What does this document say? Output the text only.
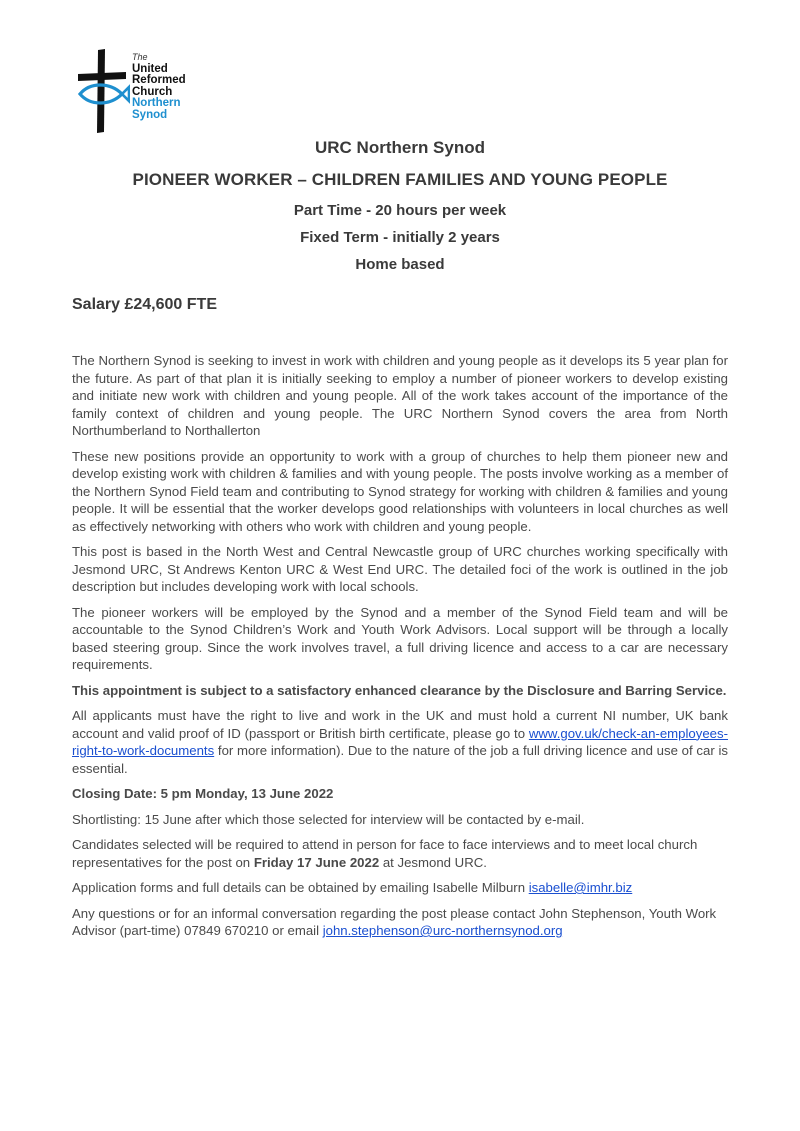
The
United
Reformed
Church
Northern
Synod
URC Northern Synod
PIONEER WORKER – CHILDREN FAMILIES AND YOUNG PEOPLE
Part Time - 20 hours per week
Fixed Term - initially 2 years
Home based
Salary £24,600 FTE

The Northern Synod is seeking to invest in work with children and young people as it develops its 5 year plan for the future. As part of that plan it is initially seeking to employ a number of pioneer workers to develop existing and initiate new work with children and young people. All of the work takes account of the importance of the family context of children and young people. The URC Northern Synod covers the area from North Northumberland to Northallerton

These new positions provide an opportunity to work with a group of churches to help them pioneer new and develop existing work with children & families and with young people. The posts involve working as a member of the Northern Synod Field team and contributing to Synod strategy for working with children & families and young people. It will be essential that the worker develops good relationships with volunteers in local churches as well as effectively networking with others who work with children and young people.

This post is based in the North West and Central Newcastle group of URC churches working specifically with Jesmond URC, St Andrews Kenton URC & West End URC. The detailed foci of the work is outlined in the job description but includes developing work with local schools.

The pioneer workers will be employed by the Synod and a member of the Synod Field team and will be accountable to the Synod Children’s Work and Youth Work Advisors. Local support will be through a locally based steering group. Since the work involves travel, a full driving licence and access to a car are necessary requirements.

This appointment is subject to a satisfactory enhanced clearance by the Disclosure and Barring Service.

All applicants must have the right to live and work in the UK and must hold a current NI number, UK bank account and valid proof of ID (passport or British birth certificate, please go to www.gov.uk/check-an-employees-right-to-work-documents for more information). Due to the nature of the job a full driving licence and use of car is essential.

Closing Date: 5 pm Monday, 13 June 2022

Shortlisting: 15 June after which those selected for interview will be contacted by e-mail.

Candidates selected will be required to attend in person for face to face interviews and to meet local church representatives for the post on Friday 17 June 2022 at Jesmond URC.

Application forms and full details can be obtained by emailing Isabelle Milburn isabelle@imhr.biz

Any questions or for an informal conversation regarding the post please contact John Stephenson, Youth Work Advisor (part-time) 07849 670210 or email john.stephenson@urc-northernsynod.org
